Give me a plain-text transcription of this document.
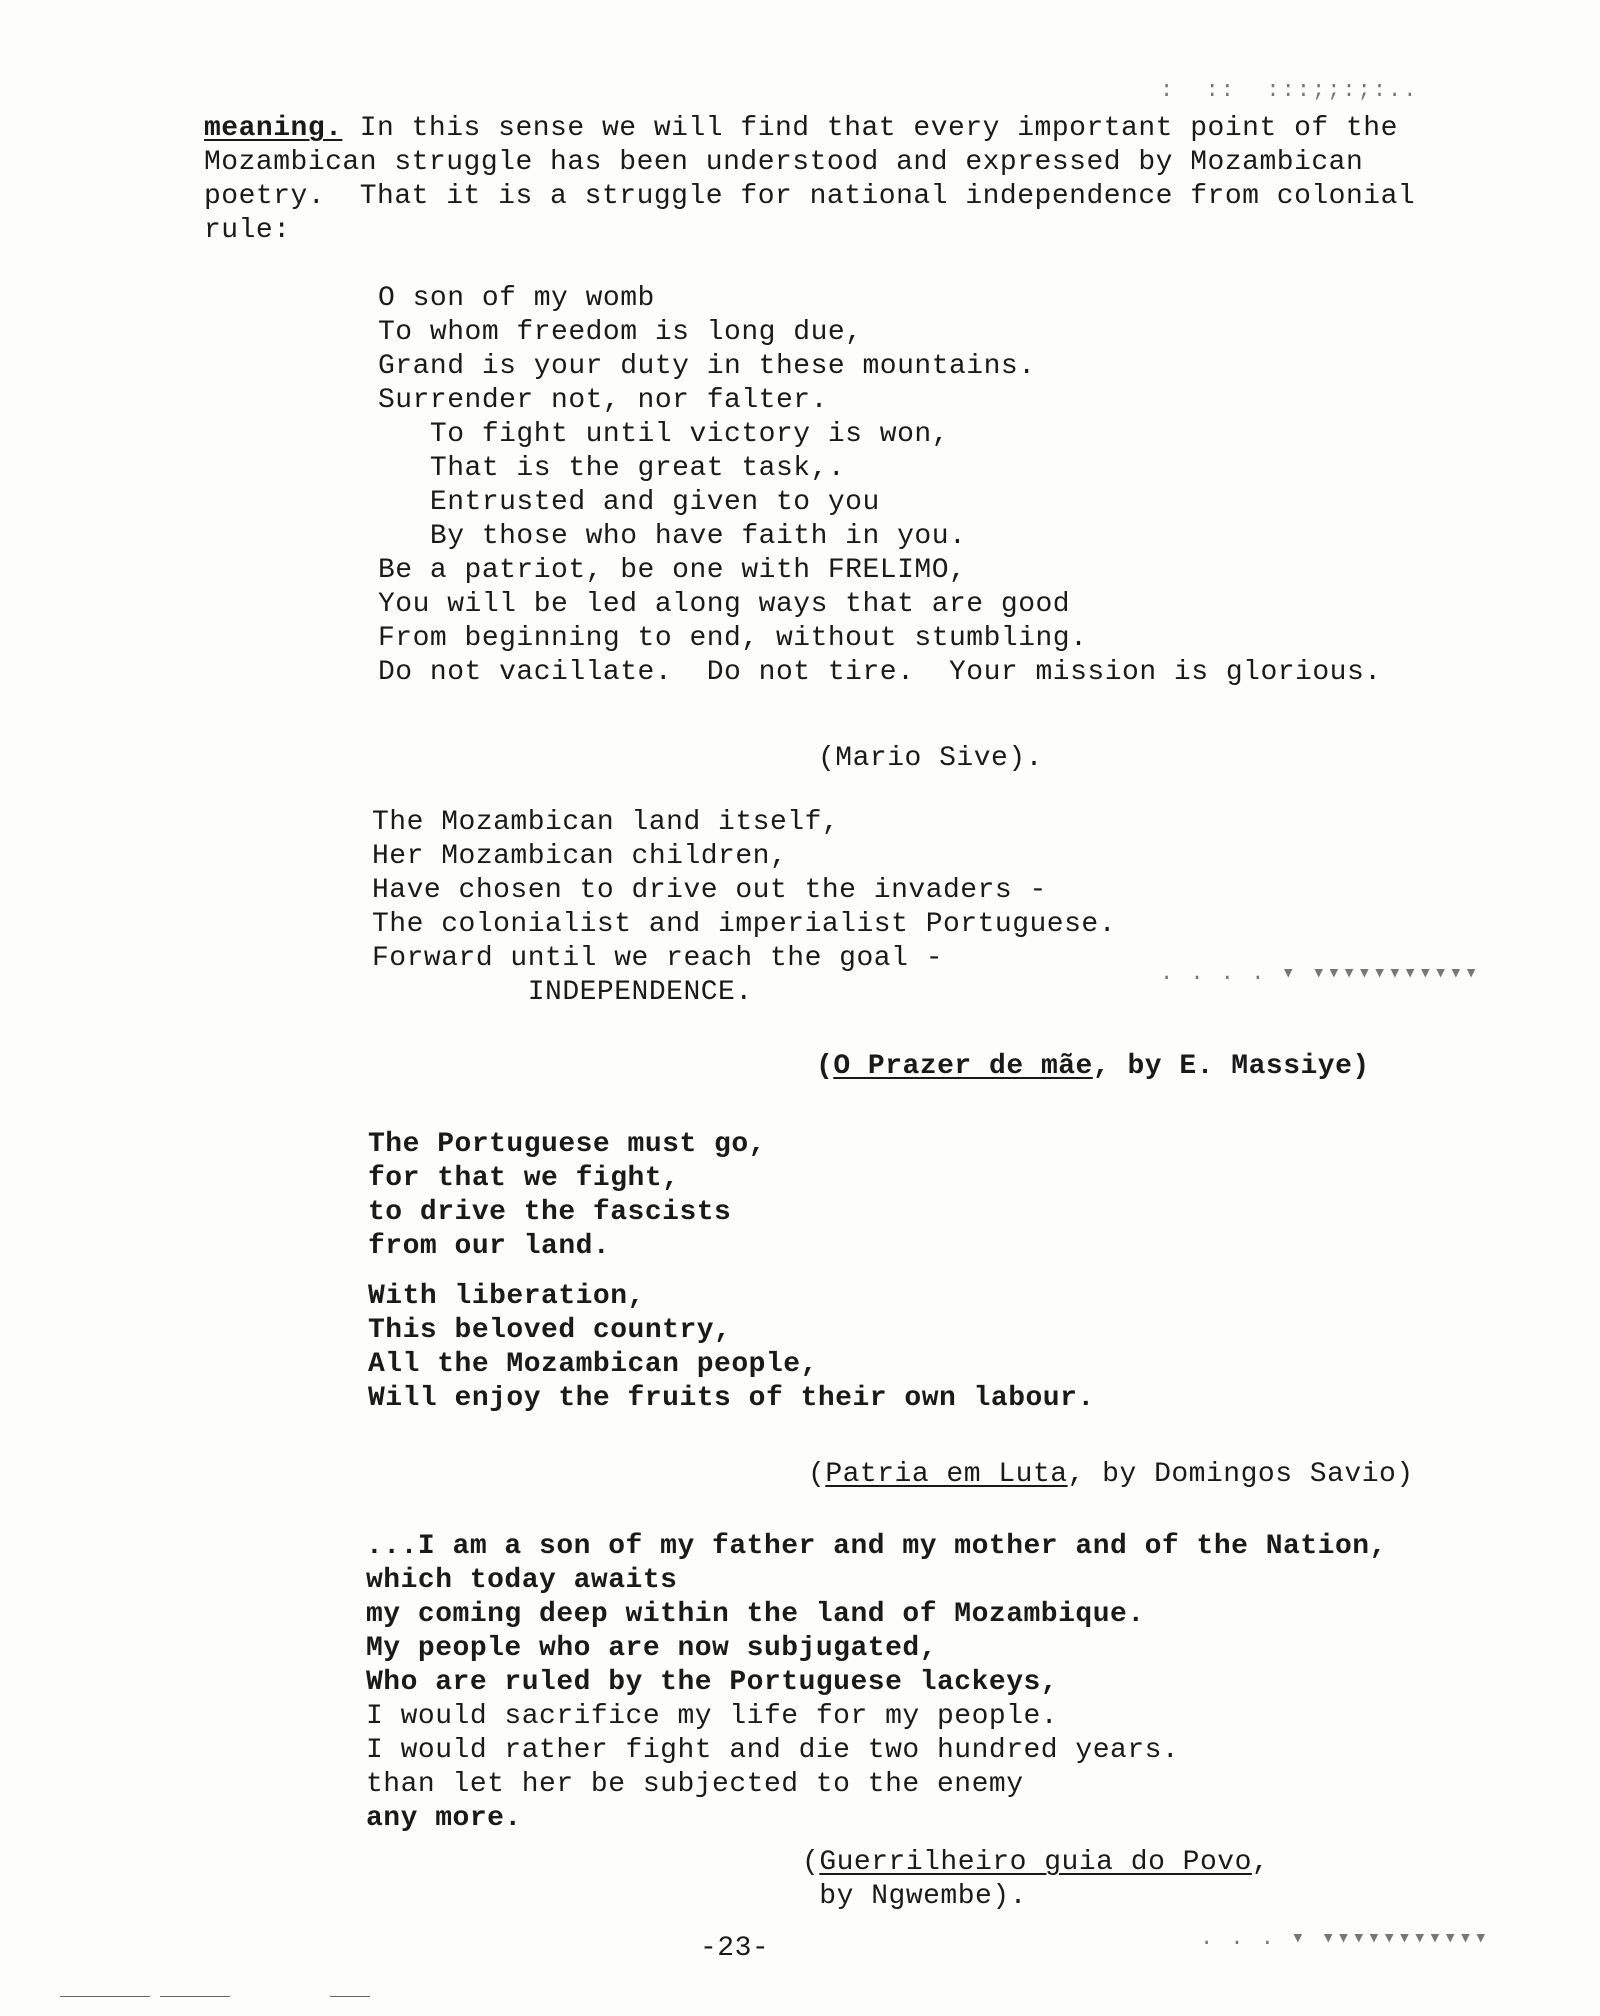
:  ::  :::;;:;:..
. . . . ▾ ▾▾▾▾▾▾▾▾▾▾▾
. . . ▾ ▾▾▾▾▾▾▾▾▾▾▾
meaning. In this sense we will find that every important point of the
Mozambican struggle has been understood and expressed by Mozambican
poetry.  That it is a struggle for national independence from colonial
rule:
O son of my womb
To whom freedom is long due,
Grand is your duty in these mountains.
Surrender not, nor falter.
To fight until victory is won,
That is the great task,.
Entrusted and given to you
By those who have faith in you.
Be a patriot, be one with FRELIMO,
You will be led along ways that are good
From beginning to end, without stumbling.
Do not vacillate.  Do not tire.  Your mission is glorious.
(Mario Sive).
The Mozambican land itself,
Her Mozambican children,
Have chosen to drive out the invaders -
The colonialist and imperialist Portuguese.
Forward until we reach the goal -
INDEPENDENCE.
(O Prazer de mãe, by E. Massiye)
The Portuguese must go,
for that we fight,
to drive the fascists
from our land.
With liberation,
This beloved country,
All the Mozambican people,
Will enjoy the fruits of their own labour.
(Patria em Luta, by Domingos Savio)
...I am a son of my father and my mother and of the Nation,
which today awaits
my coming deep within the land of Mozambique.
My people who are now subjugated,
Who are ruled by the Portuguese lackeys,
I would sacrifice my life for my people.
I would rather fight and die two hundred years.
than let her be subjected to the enemy
any more.
(Guerrilheiro guia do Povo,
by Ngwembe).
-23-
